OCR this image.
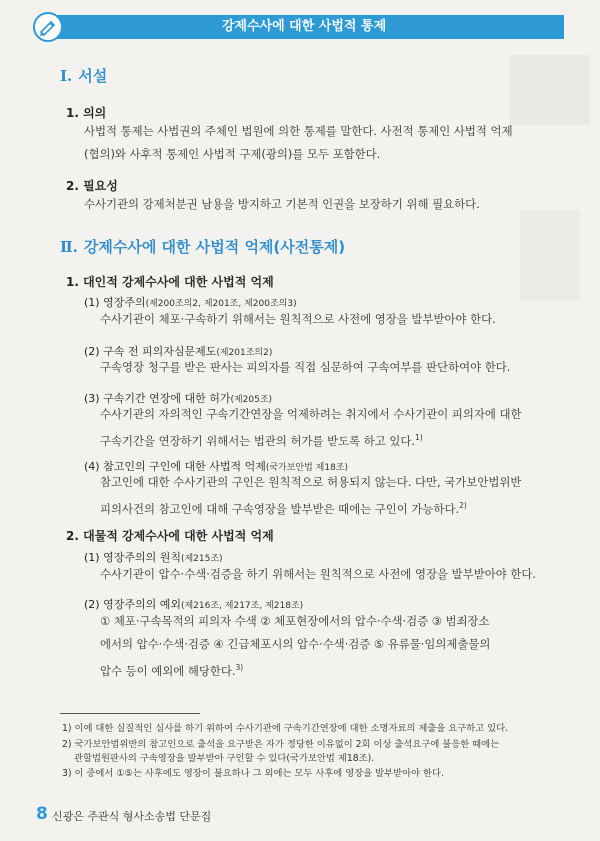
강제수사에 대한 사법적 통제
Ⅰ. 서설
1. 의의
사법적 통제는 사법권의 주체인 법원에 의한 통제를 말한다. 사전적 통제인 사법적 억제
(협의)와 사후적 통제인 사법적 구제(광의)를 모두 포함한다.
2. 필요성
수사기관의 강제처분권 남용을 방지하고 기본적 인권을 보장하기 위해 필요하다.
Ⅱ. 강제수사에 대한 사법적 억제(사전통제)
1. 대인적 강제수사에 대한 사법적 억제
(1) 영장주의(제200조의2, 제201조, 제200조의3)
수사기관이 체포·구속하기 위해서는 원칙적으로 사전에 영장을 발부받아야 한다.
(2) 구속 전 피의자심문제도(제201조의2)
구속영장 청구를 받은 판사는 피의자를 직접 심문하여 구속여부를 판단하여야 한다.
(3) 구속기간 연장에 대한 허가(제205조)
수사기관의 자의적인 구속기간연장을 억제하려는 취지에서 수사기관이 피의자에 대한
구속기간을 연장하기 위해서는 법관의 허가를 받도록 하고 있다.$^{1)}$
(4) 참고인의 구인에 대한 사법적 억제(국가보안법 제18조)
참고인에 대한 수사기관의 구인은 원칙적으로 허용되지 않는다. 다만, 국가보안법위반
피의사건의 참고인에 대해 구속영장을 발부받은 때에는 구인이 가능하다.$^{2)}$
2. 대물적 강제수사에 대한 사법적 억제
(1) 영장주의의 원칙(제215조)
수사기관이 압수·수색·검증을 하기 위해서는 원칙적으로 사전에 영장을 발부받아야 한다.
(2) 영장주의의 예외(제216조, 제217조, 제218조)
① 체포·구속목적의 피의자 수색 ② 체포현장에서의 압수·수색·검증 ③ 범죄장소
에서의 압수·수색·검증 ④ 긴급체포시의 압수·수색·검증 ⑤ 유류물·임의제출물의
압수 등이 예외에 해당한다.$^{3)}$
1) 이에 대한 실질적인 심사를 하기 위하여 수사기관에 구속기간연장에 대한 소명자료의 제출을 요구하고 있다.
2) 국가보안법위반의 참고인으로 출석을 요구받은 자가 정당한 이유없이 2회 이상 출석요구에 불응한 때에는
관할법원판사의 구속영장을 발부받아 구인할 수 있다(국가보안법 제18조).
3) 이 중에서 ①⑤는 사후에도 영장이 불요하나 그 외에는 모두 사후에 영장을 발부받아야 한다.
8 신광은 주관식 형사소송법 단문집
